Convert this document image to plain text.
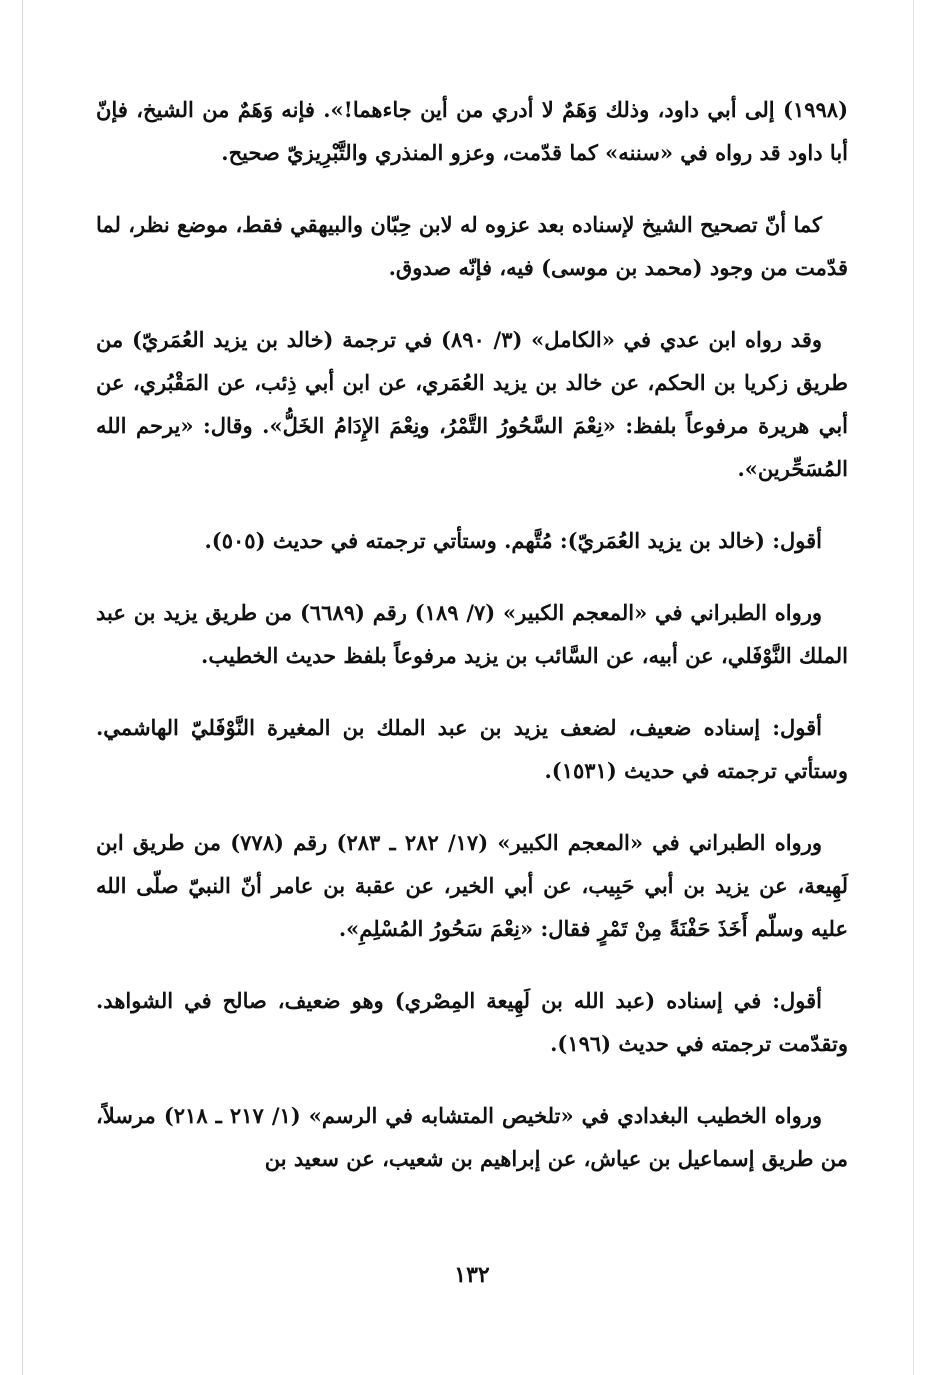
(١٩٩٨) إلى أبي داود، وذلك وَهَمٌ لا أدري من أين جاءهما!». فإنه وَهَمٌ من الشيخ، فإنّ أبا داود قد رواه في «سننه» كما قدّمت، وعزو المنذري والتَّبْرِيزيّ صحيح.

كما أنّ تصحيح الشيخ لإسناده بعد عزوه له لابن حِبّان والبيهقي فقط، موضع نظر، لما قدّمت من وجود (محمد بن موسى) فيه، فإنّه صدوق.

وقد رواه ابن عدي في «الكامل» (٣/ ٨٩٠) في ترجمة (خالد بن يزيد العُمَريّ) من طريق زكريا بن الحكم، عن خالد بن يزيد العُمَري، عن ابن أبي ذِئب، عن المَقْبُري، عن أبي هريرة مرفوعاً بلفظ: «نِعْمَ السَّحُورُ التَّمْرُ، ونِعْمَ الإِدَامُ الخَلُّ». وقال: «يرحم الله المُسَحِّرين».

أقول: (خالد بن يزيد العُمَريّ): مُتَّهم. وستأتي ترجمته في حديث (٥٠٥).

ورواه الطبراني في «المعجم الكبير» (٧/ ١٨٩) رقم (٦٦٨٩) من طريق يزيد بن عبد الملك النَّوْفَلي، عن أبيه، عن السَّائب بن يزيد مرفوعاً بلفظ حديث الخطيب.

أقول: إسناده ضعيف، لضعف يزيد بن عبد الملك بن المغيرة النَّوْفَليّ الهاشمي. وستأتي ترجمته في حديث (١٥٣١).

ورواه الطبراني في «المعجم الكبير» (١٧/ ٢٨٢ ـ ٢٨٣) رقم (٧٧٨) من طريق ابن لَهِيعة، عن يزيد بن أبي حَبِيب، عن أبي الخير، عن عقبة بن عامر أنّ النبيّ صلّى الله عليه وسلّم أَخَذَ حَفْنَةً مِنْ تَمْرٍ فقال: «نِعْمَ سَحُورُ المُسْلِمِ».

أقول: في إسناده (عبد الله بن لَهِيعة المِصْري) وهو ضعيف، صالح في الشواهد. وتقدّمت ترجمته في حديث (١٩٦).

ورواه الخطيب البغدادي في «تلخيص المتشابه في الرسم» (١/ ٢١٧ ـ ٢١٨) مرسلاً، من طريق إسماعيل بن عياش، عن إبراهيم بن شعيب، عن سعيد بن

١٣٢
